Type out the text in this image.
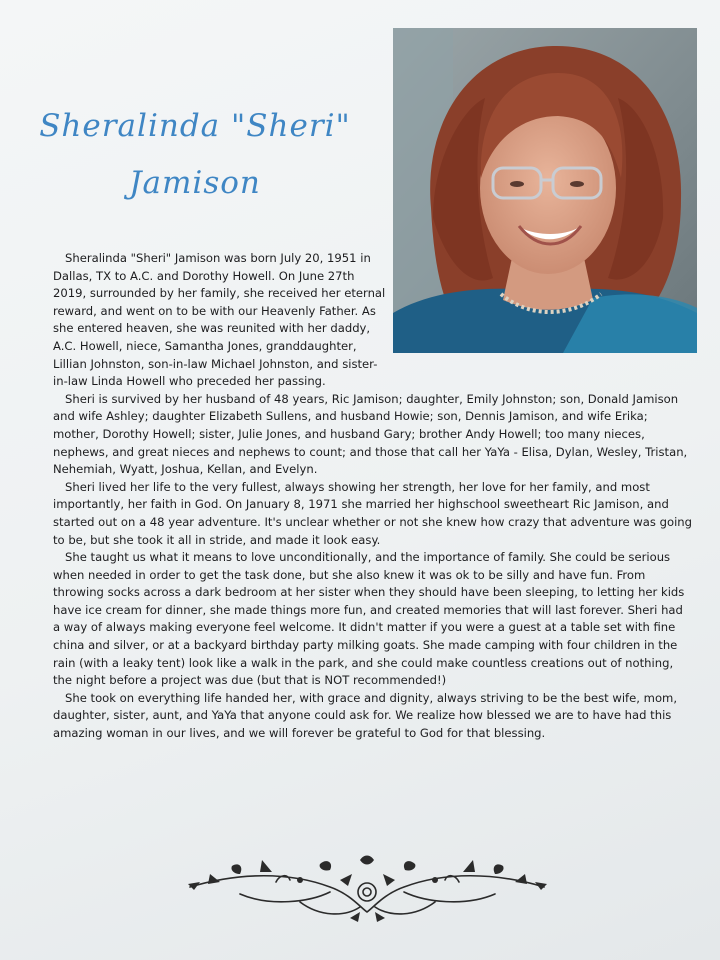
Sheralinda "Sheri"
Jamison

Sheralinda "Sheri" Jamison was born July 20, 1951 in Dallas, TX to A.C. and Dorothy Howell. On June 27th 2019, surrounded by her family, she received her eternal reward, and went on to be with our Heavenly Father. As she entered heaven, she was reunited with her daddy, A.C. Howell, niece, Samantha Jones, granddaughter, Lillian Johnston, son-in-law Michael Johnston, and sister-in-law Linda Howell who preceded her passing.

Sheri is survived by her husband of 48 years, Ric Jamison; daughter, Emily Johnston; son, Donald Jamison and wife Ashley; daughter Elizabeth Sullens, and husband Howie; son, Dennis Jamison, and wife Erika; mother, Dorothy Howell; sister, Julie Jones, and husband Gary; brother Andy Howell; too many nieces, nephews, and great nieces and nephews to count; and those that call her YaYa - Elisa, Dylan, Wesley, Tristan, Nehemiah, Wyatt, Joshua, Kellan, and Evelyn.

Sheri lived her life to the very fullest, always showing her strength, her love for her family, and most importantly, her faith in God. On January 8, 1971 she married her highschool sweetheart Ric Jamison, and started out on a 48 year adventure. It's unclear whether or not she knew how crazy that adventure was going to be, but she took it all in stride, and made it look easy.

She taught us what it means to love unconditionally, and the importance of family. She could be serious when needed in order to get the task done, but she also knew it was ok to be silly and have fun. From throwing socks across a dark bedroom at her sister when they should have been sleeping, to letting her kids have ice cream for dinner, she made things more fun, and created memories that will last forever. Sheri had a way of always making everyone feel welcome. It didn't matter if you were a guest at a table set with fine china and silver, or at a backyard birthday party milking goats. She made camping with four children in the rain (with a leaky tent) look like a walk in the park, and she could make countless creations out of nothing, the night before a project was due (but that is NOT recommended!)

She took on everything life handed her, with grace and dignity, always striving to be the best wife, mom, daughter, sister, aunt, and YaYa that anyone could ask for. We realize how blessed we are to have had this amazing woman in our lives, and we will forever be grateful to God for that blessing.
